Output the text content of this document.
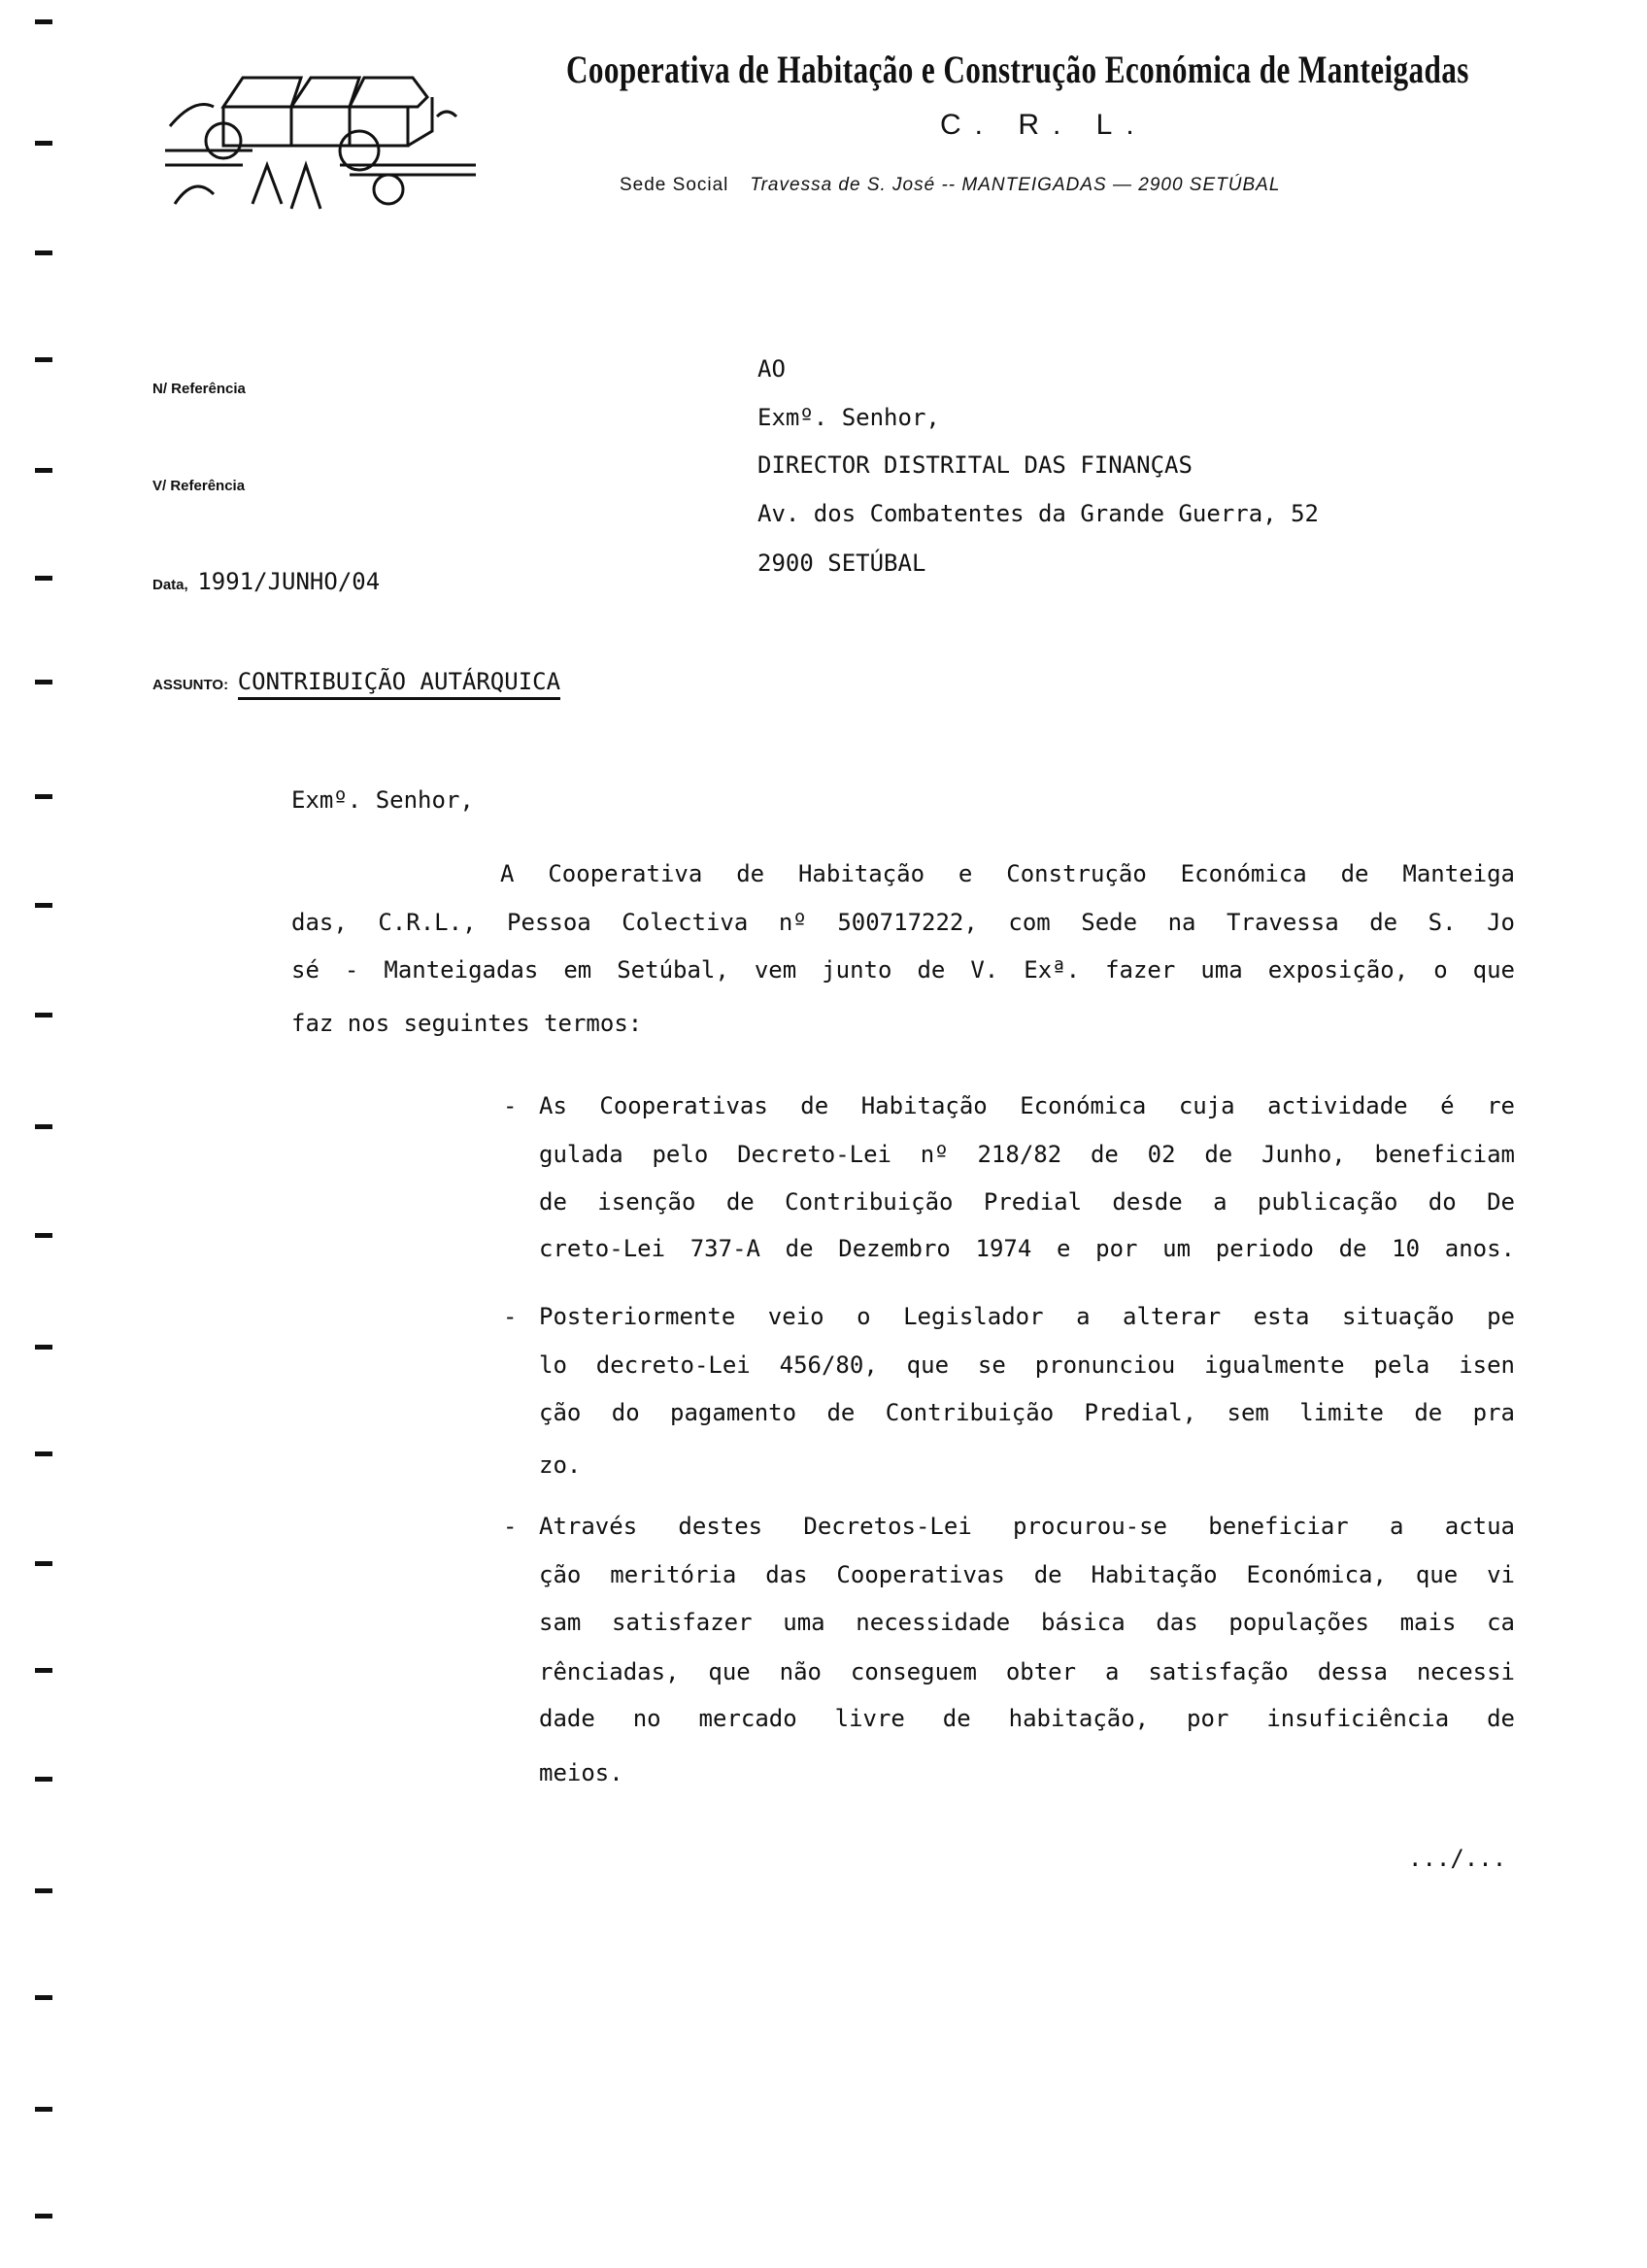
Cooperativa de Habitação e Construção Económica de Manteigadas
C. R. L.
Sede Social Travessa de S. José -- MANTEIGADAS — 2900 SETÚBAL
N/ Referência
V/ Referência
Data, 1991/JUNHO/04
ASSUNTO: CONTRIBUIÇÃO AUTÁRQUICA
AO
Exmº. Senhor,
DIRECTOR DISTRITAL DAS FINANÇAS
Av. dos Combatentes da Grande Guerra, 52
2900 SETÚBAL
Exmº. Senhor,
A Cooperativa de Habitação e Construção Económica de Manteiga
das, C.R.L., Pessoa Colectiva nº 500717222, com Sede na Travessa de S. Jo
sé - Manteigadas em Setúbal, vem junto de V. Exª. fazer uma exposição, o que
faz nos seguintes termos:
- As Cooperativas de Habitação Económica cuja actividade é re
gulada pelo Decreto-Lei nº 218/82 de 02 de Junho, beneficiam
de isenção de Contribuição Predial desde a publicação do De
creto-Lei 737-A de Dezembro 1974 e por um periodo de 10 anos.
- Posteriormente veio o Legislador a alterar esta situação pe
lo decreto-Lei 456/80, que se pronunciou igualmente pela isen
ção do pagamento de Contribuição Predial, sem limite de pra
zo.
- Através destes Decretos-Lei procurou-se beneficiar a actua
ção meritória das Cooperativas de Habitação Económica, que vi
sam satisfazer uma necessidade básica das populações mais ca
rênciadas, que não conseguem obter a satisfação dessa necessi
dade no mercado livre de habitação, por insuficiência de
meios.
.../...
